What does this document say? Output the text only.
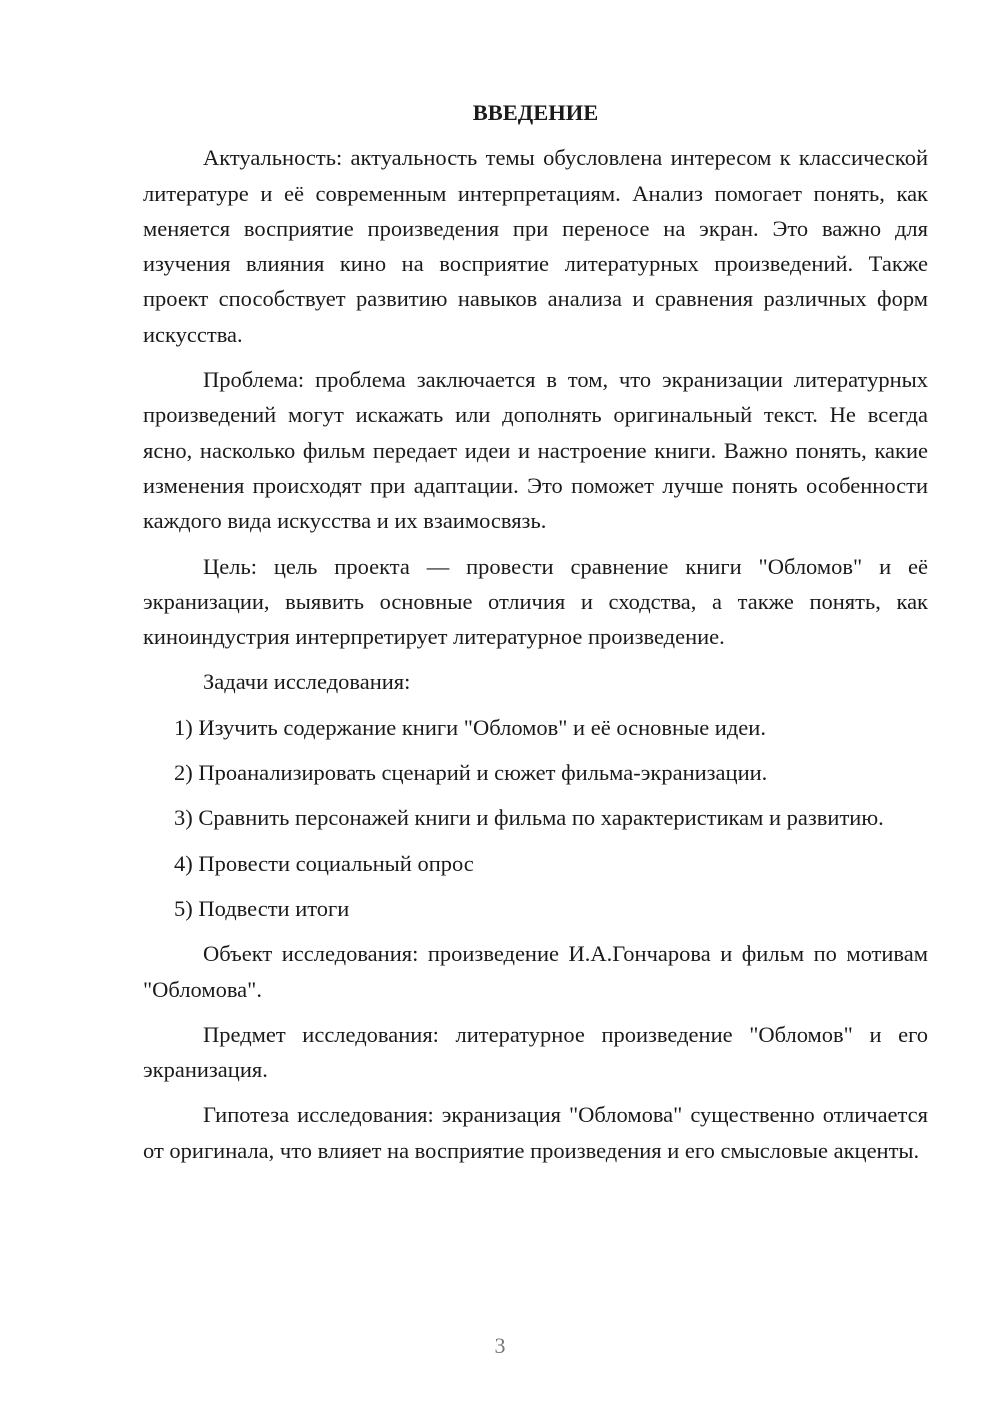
ВВЕДЕНИЕ

Актуальность: актуальность темы обусловлена интересом к классической литературе и её современным интерпретациям. Анализ помогает понять, как меняется восприятие произведения при переносе на экран. Это важно для изучения влияния кино на восприятие литературных произведений. Также проект способствует развитию навыков анализа и сравнения различных форм искусства.

Проблема: проблема заключается в том, что экранизации литературных произведений могут искажать или дополнять оригинальный текст. Не всегда ясно, насколько фильм передает идеи и настроение книги. Важно понять, какие изменения происходят при адаптации. Это поможет лучше понять особенности каждого вида искусства и их взаимосвязь.

Цель: цель проекта — провести сравнение книги "Обломов" и её экранизации, выявить основные отличия и сходства, а также понять, как киноиндустрия интерпретирует литературное произведение.

Задачи исследования:

1) Изучить содержание книги "Обломов" и её основные идеи.

2) Проанализировать сценарий и сюжет фильма-экранизации.

3) Сравнить персонажей книги и фильма по характеристикам и развитию.

4) Провести социальный опрос

5) Подвести итоги

Объект исследования: произведение И.А.Гончарова и фильм по мотивам "Обломова".

Предмет исследования: литературное произведение "Обломов" и его экранизация.

Гипотеза исследования: экранизация "Обломова" существенно отличается от оригинала, что влияет на восприятие произведения и его смысловые акценты.

3
